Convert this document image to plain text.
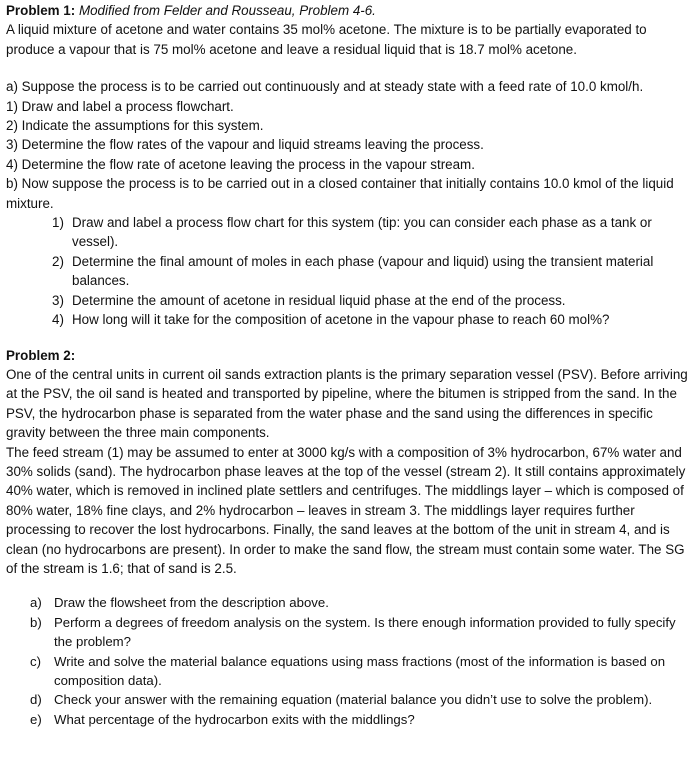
Problem 1: Modified from Felder and Rousseau, Problem 4-6.

A liquid mixture of acetone and water contains 35 mol% acetone. The mixture is to be partially evaporated to produce a vapour that is 75 mol% acetone and leave a residual liquid that is 18.7 mol% acetone.

a) Suppose the process is to be carried out continuously and at steady state with a feed rate of 10.0 kmol/h.

1) Draw and label a process flowchart.

2) Indicate the assumptions for this system.

3) Determine the flow rates of the vapour and liquid streams leaving the process.

4) Determine the flow rate of acetone leaving the process in the vapour stream.

b) Now suppose the process is to be carried out in a closed container that initially contains 10.0 kmol of the liquid mixture.

1) Draw and label a process flow chart for this system (tip: you can consider each phase as a tank or vessel).
2) Determine the final amount of moles in each phase (vapour and liquid) using the transient material balances.
3) Determine the amount of acetone in residual liquid phase at the end of the process.
4) How long will it take for the composition of acetone in the vapour phase to reach 60 mol%?

Problem 2:

One of the central units in current oil sands extraction plants is the primary separation vessel (PSV). Before arriving at the PSV, the oil sand is heated and transported by pipeline, where the bitumen is stripped from the sand. In the PSV, the hydrocarbon phase is separated from the water phase and the sand using the differences in specific gravity between the three main components.

The feed stream (1) may be assumed to enter at 3000 kg/s with a composition of 3% hydrocarbon, 67% water and 30% solids (sand). The hydrocarbon phase leaves at the top of the vessel (stream 2). It still contains approximately 40% water, which is removed in inclined plate settlers and centrifuges. The middlings layer – which is composed of 80% water, 18% fine clays, and 2% hydrocarbon – leaves in stream 3. The middlings layer requires further processing to recover the lost hydrocarbons. Finally, the sand leaves at the bottom of the unit in stream 4, and is clean (no hydrocarbons are present). In order to make the sand flow, the stream must contain some water. The SG of the stream is 1.6; that of sand is 2.5.

a) Draw the flowsheet from the description above.
b) Perform a degrees of freedom analysis on the system. Is there enough information provided to fully specify the problem?
c) Write and solve the material balance equations using mass fractions (most of the information is based on composition data).
d) Check your answer with the remaining equation (material balance you didn’t use to solve the problem).
e) What percentage of the hydrocarbon exits with the middlings?
